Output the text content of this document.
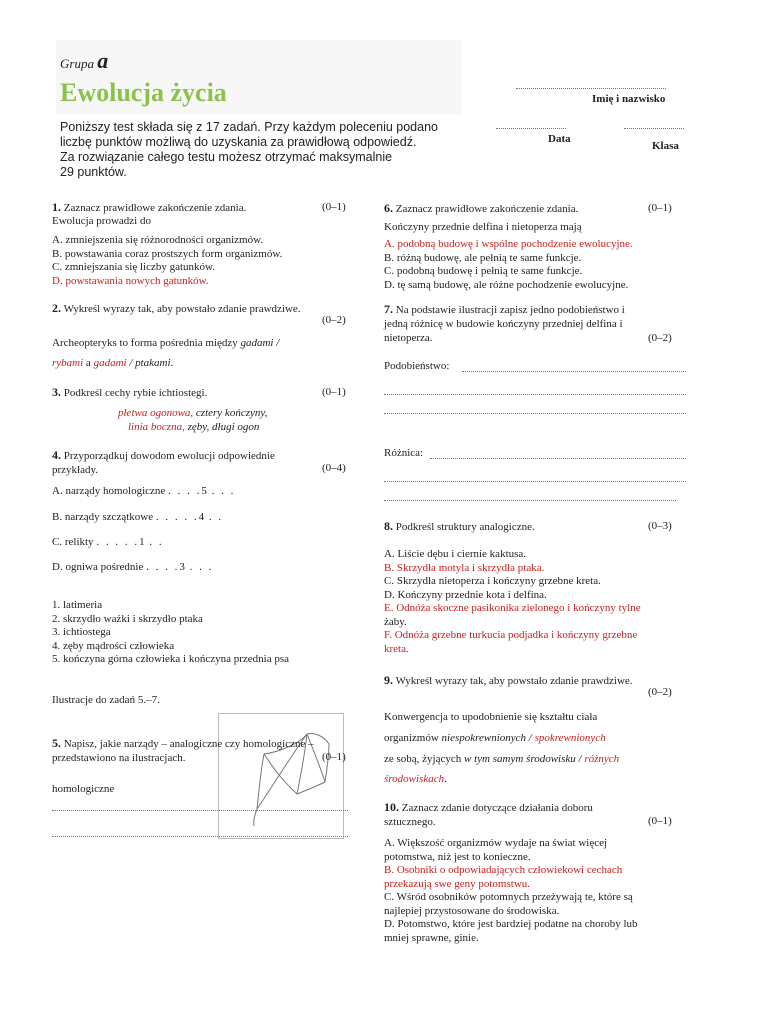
Grupa a
Ewolucja życia	Imię i nazwisko
Data
Klasa
Poniższy test składa się z 17 zadań. Przy każdym poleceniu podano
liczbę punktów możliwą do uzyskania za prawidłową odpowiedź.
Za rozwiązanie całego testu możesz otrzymać maksymalnie
29 punktów.
1. Zaznacz prawidłowe zakończenie zdania.	(0–1)
Ewolucja prowadzi do
A. zmniejszenia się różnorodności organizmów.
B. powstawania coraz prostszych form organizmów.
C. zmniejszania się liczby gatunków.
D. powstawania nowych gatunków.
2. Wykreśl wyrazy tak, aby powstało zdanie prawdziwe.
(0–2)
Archeopteryks to forma pośrednia między gadami /
rybami a gadami / ptakami.
3. Podkreśl cechy rybie ichtiostegi.	(0–1)
płetwa ogonowa, cztery kończyny,
linia boczna, zęby, długi ogon
4. Przyporządkuj dowodom ewolucji odpowiednie
przykłady.	(0–4)
A. narządy homologiczne . . . .5 . . .
B. narządy szczątkowe . . . . .4 . .
C. relikty . . . . .1 . .
D. ogniwa pośrednie . . . .3 . . .
1. latimeria
2. skrzydło ważki i skrzydło ptaka
3. ichtiostega
4. zęby mądrości człowieka
5. kończyna górna człowieka i kończyna przednia psa
Ilustracje do zadań 5.–7.
5. Napisz, jakie narządy – analogiczne czy homologiczne –
przedstawiono na ilustracjach.	(0–1)
homologiczne
6. Zaznacz prawidłowe zakończenie zdania.	(0–1)
Kończyny przednie delfina i nietoperza mają
A. podobną budowę i wspólne pochodzenie ewolucyjne.
B. różną budowę, ale pełnią te same funkcje.
C. podobną budowę i pełnią te same funkcje.
D. tę samą budowę, ale różne pochodzenie ewolucyjne.
7. Na podstawie ilustracji zapisz jedno podobieństwo i
jedną różnicę w budowie kończyny przedniej delfina i
nietoperza.	(0–2)
Podobieństwo:
Różnica:
8. Podkreśl struktury analogiczne.	(0–3)
A. Liście dębu i ciernie kaktusa.
B. Skrzydła motyla i skrzydła ptaka.
C. Skrzydła nietoperza i kończyny grzebne kreta.
D. Kończyny przednie kota i delfina.
E. Odnóża skoczne pasikonika zielonego i kończyny tylne
żaby.
F. Odnóża grzebne turkucia podjadka i kończyny grzebne
kreta.
9. Wykreśl wyrazy tak, aby powstało zdanie prawdziwe.
(0–2)
Konwergencja to upodobnienie się kształtu ciała
organizmów niespokrewnionych / spokrewnionych
ze sobą, żyjących w tym samym środowisku / różnych
środowiskach.
10. Zaznacz zdanie dotyczące działania doboru
sztucznego.	(0–1)
A. Większość organizmów wydaje na świat więcej
potomstwa, niż jest to konieczne.
B. Osobniki o odpowiadających człowiekowi cechach
przekazują swe geny potomstwu.
C. Wśród osobników potomnych przeżywają te, które są
najlepiej przystosowane do środowiska.
D. Potomstwo, które jest bardziej podatne na choroby lub
mniej sprawne, ginie.
